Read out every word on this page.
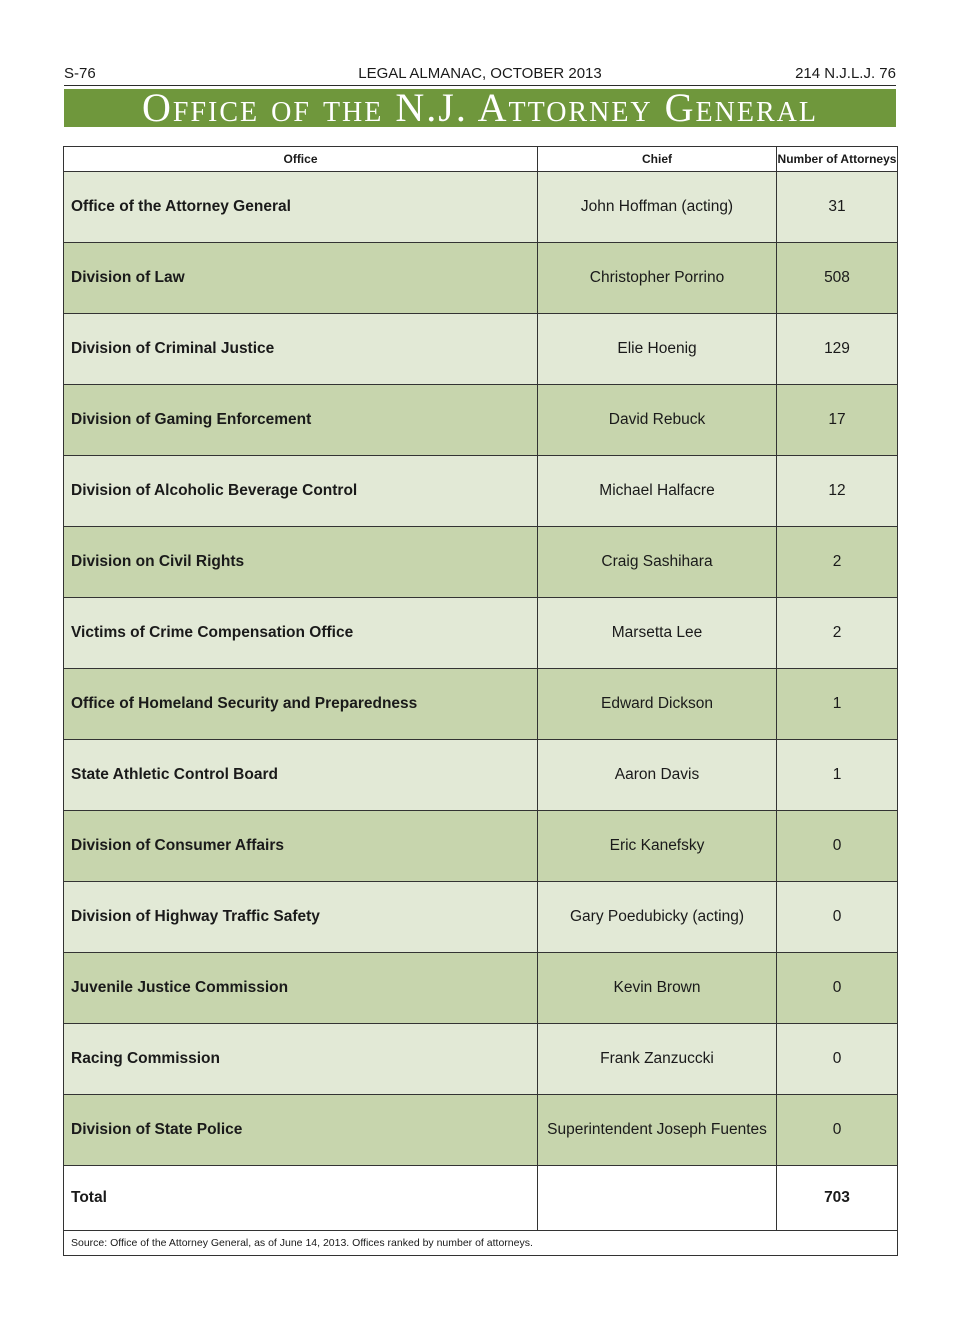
S-76	LEGAL ALMANAC, OCTOBER 2013	214 N.J.L.J. 76
Office of the N.J. Attorney General
Office	Chief	Number of Attorneys
Office of the Attorney General	John Hoffman (acting)	31
Division of Law	Christopher Porrino	508
Division of Criminal Justice	Elie Hoenig	129
Division of Gaming Enforcement	David Rebuck	17
Division of Alcoholic Beverage Control	Michael Halfacre	12
Division on Civil Rights	Craig Sashihara	2
Victims of Crime Compensation Office	Marsetta Lee	2
Office of Homeland Security and Preparedness	Edward Dickson	1
State Athletic Control Board	Aaron Davis	1
Division of Consumer Affairs	Eric Kanefsky	0
Division of Highway Traffic Safety	Gary Poedubicky (acting)	0
Juvenile Justice Commission	Kevin Brown	0
Racing Commission	Frank Zanzuccki	0
Division of State Police	Superintendent Joseph Fuentes	0
Total		703
Source: Office of the Attorney General, as of June 14, 2013. Offices ranked by number of attorneys.		
